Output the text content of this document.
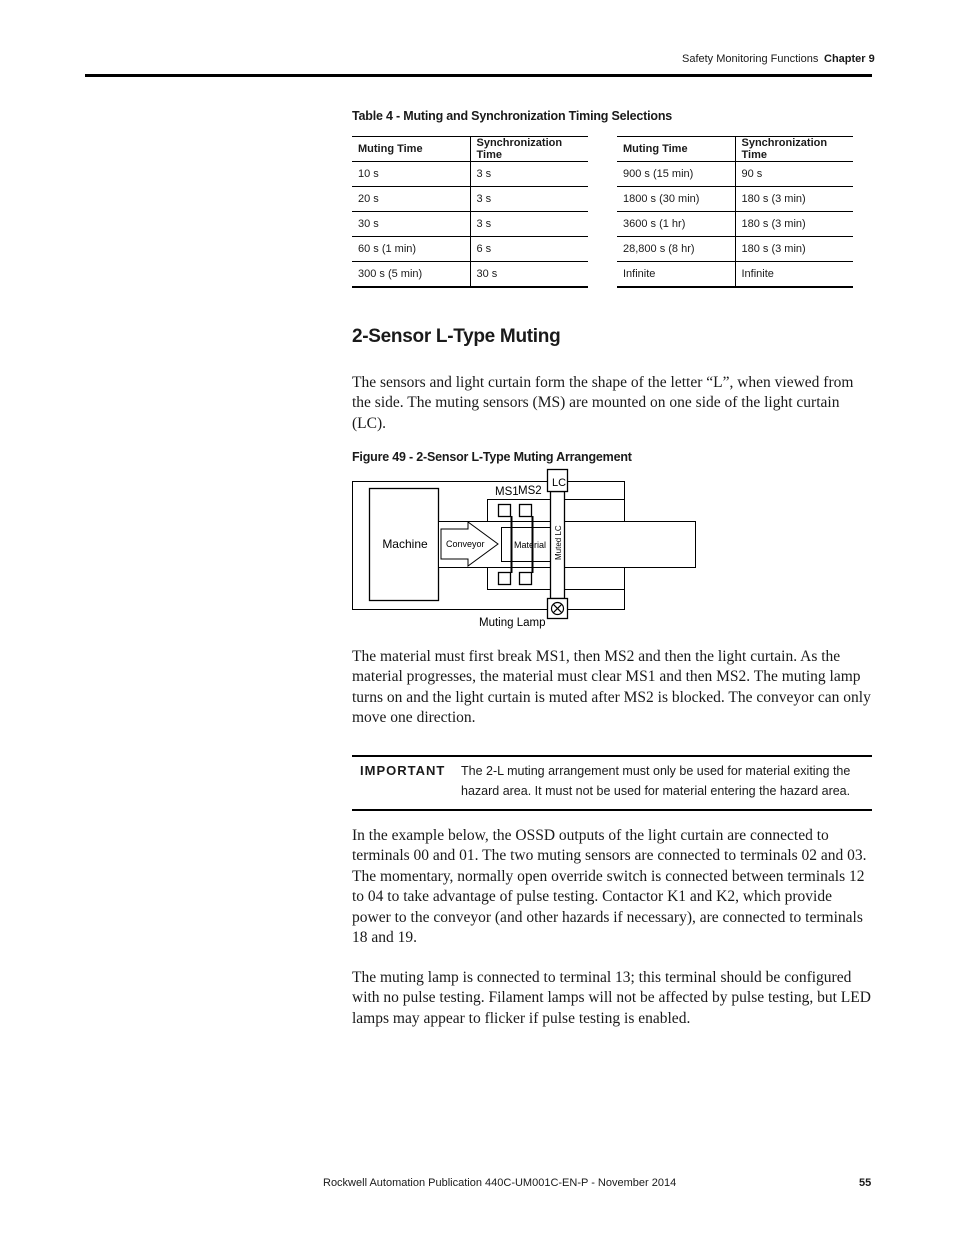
Safety Monitoring Functions Chapter 9
Table 4 - Muting and Synchronization Timing Selections
Muting Time	Synchronization Time
10 s	3 s
20 s	3 s
30 s	3 s
60 s (1 min)	6 s
300 s (5 min)	30 s
Muting Time	Synchronization Time
900 s (15 min)	90 s
1800 s (30 min)	180 s (3 min)
3600 s (1 hr)	180 s (3 min)
28,800 s (8 hr)	180 s (3 min)
Infinite	Infinite
2-Sensor L-Type Muting

The sensors and light curtain form the shape of the letter “L”, when viewed from the side. The muting sensors (MS) are mounted on one side of the light curtain (LC).

Figure 49 - 2-Sensor L-Type Muting Arrangement
Machine Conveyor	Material
MS1 MS2
LC
Muted LC
Muting Lamp

The material must first break MS1, then MS2 and then the light curtain. As the material progresses, the material must clear MS1 and then MS2. The muting lamp turns on and the light curtain is muted after MS2 is blocked. The conveyor can only move one direction.

IMPORTANT The 2-L muting arrangement must only be used for material exiting the hazard area. It must not be used for material entering the hazard area.

In the example below, the OSSD outputs of the light curtain are connected to terminals 00 and 01. The two muting sensors are connected to terminals 02 and 03. The momentary, normally open override switch is connected between terminals 12 to 04 to take advantage of pulse testing. Contactor K1 and K2, which provide power to the conveyor (and other hazards if necessary), are connected to terminals 18 and 19.

The muting lamp is connected to terminal 13; this terminal should be configured with no pulse testing. Filament lamps will not be affected by pulse testing, but LED lamps may appear to flicker if pulse testing is enabled.

Rockwell Automation Publication 440C-UM001C-EN-P - November 2014	55
